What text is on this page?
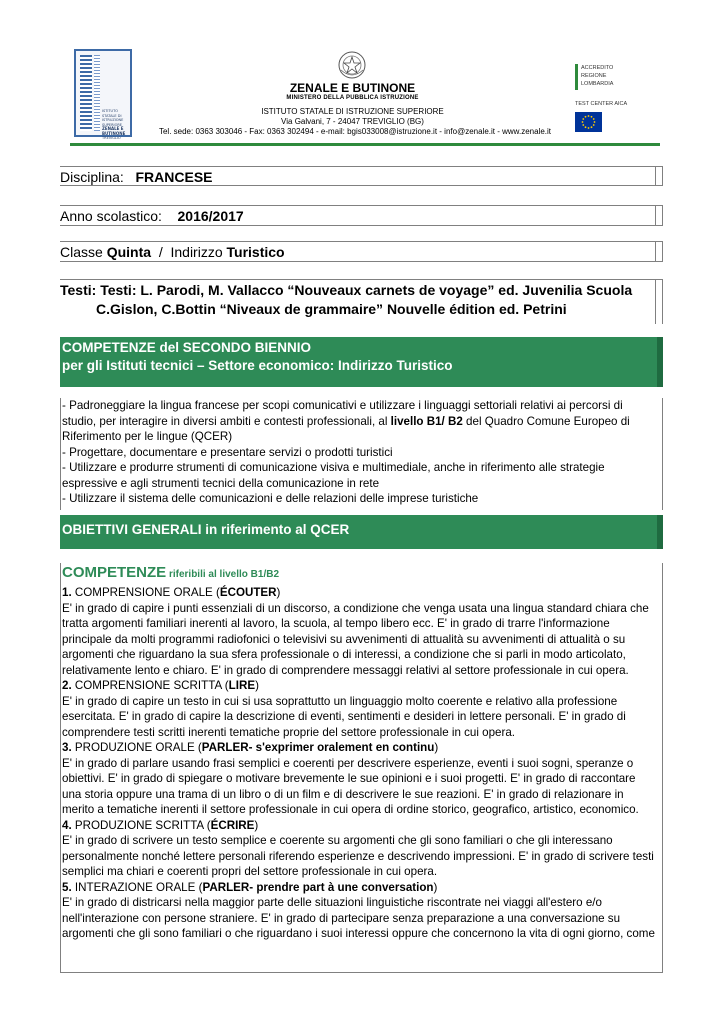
ISTITUTO STATALE DI
ISTRUZIONE SUPERIORE
ZENALE E BUTINONE
TREVIGLIO
ZENALE E BUTINONE
MINISTERO DELLA PUBBLICA ISTRUZIONE
ISTITUTO STATALE DI ISTRUZIONE SUPERIORE
Via Galvani, 7 - 24047 TREVIGLIO (BG)
Tel. sede: 0363 303046 - Fax: 0363 302494 - e-mail: bgis033008@istruzione.it - info@zenale.it - www.zenale.it
ACCREDITO
REGIONE
LOMBARDIA
TEST CENTER AICA
Disciplina: FRANCESE
Anno scolastico: 2016/2017
Classe Quinta / Indirizzo Turistico
Testi: Testi: L. Parodi, M. Vallacco “Nouveaux carnets de voyage” ed. Juvenilia Scuola
C.Gislon, C.Bottin “Niveaux de grammaire” Nouvelle édition ed. Petrini
COMPETENZE del SECONDO BIENNIO
per gli Istituti tecnici – Settore economico: Indirizzo Turistico

- Padroneggiare la lingua francese per scopi comunicativi e utilizzare i linguaggi settoriali relativi ai percorsi di

studio, per interagire in diversi ambiti e contesti professionali, al livello B1/ B2 del Quadro Comune Europeo di

Riferimento per le lingue (QCER)

- Progettare, documentare e presentare servizi o prodotti turistici

- Utilizzare e produrre strumenti di comunicazione visiva e multimediale, anche in riferimento alle strategie

espressive e agli strumenti tecnici della comunicazione in rete

- Utilizzare il sistema delle comunicazioni e delle relazioni delle imprese turistiche

OBIETTIVI GENERALI in riferimento al QCER

COMPETENZE riferibili al livello B1/B2

1. COMPRENSIONE ORALE (ÉCOUTER)

E' in grado di capire i punti essenziali di un discorso, a condizione che venga usata una lingua standard chiara che

tratta argomenti familiari inerenti al lavoro, la scuola, al tempo libero ecc. E' in grado di trarre l'informazione

principale da molti programmi radiofonici o televisivi su avvenimenti di attualità su avvenimenti di attualità o su

argomenti che riguardano la sua sfera professionale o di interessi, a condizione che si parli in modo articolato,

relativamente lento e chiaro. E' in grado di comprendere messaggi relativi al settore professionale in cui opera.

2. COMPRENSIONE SCRITTA (LIRE)

E' in grado di capire un testo in cui si usa soprattutto un linguaggio molto coerente e relativo alla professione

esercitata. E' in grado di capire la descrizione di eventi, sentimenti e desideri in lettere personali. E' in grado di

comprendere testi scritti inerenti tematiche proprie del settore professionale in cui opera.

3. PRODUZIONE ORALE (PARLER- s'exprimer oralement en continu)

E' in grado di parlare usando frasi semplici e coerenti per descrivere esperienze, eventi i suoi sogni, speranze o

obiettivi. E' in grado di spiegare o motivare brevemente le sue opinioni e i suoi progetti. E' in grado di raccontare

una storia oppure una trama di un libro o di un film e di descrivere le sue reazioni. E' in grado di relazionare in

merito a tematiche inerenti il settore professionale in cui opera di ordine storico, geografico, artistico, economico.

4. PRODUZIONE SCRITTA (ÉCRIRE)

E' in grado di scrivere un testo semplice e coerente su argomenti che gli sono familiari o che gli interessano

personalmente nonché lettere personali riferendo esperienze e descrivendo impressioni. E' in grado di scrivere testi

semplici ma chiari e coerenti propri del settore professionale in cui opera.

5. INTERAZIONE ORALE (PARLER- prendre part à une conversation)

E' in grado di districarsi nella maggior parte delle situazioni linguistiche riscontrate nei viaggi all'estero e/o

nell'interazione con persone straniere. E' in grado di partecipare senza preparazione a una conversazione su

argomenti che gli sono familiari o che riguardano i suoi interessi oppure che concernono la vita di ogni giorno, come
